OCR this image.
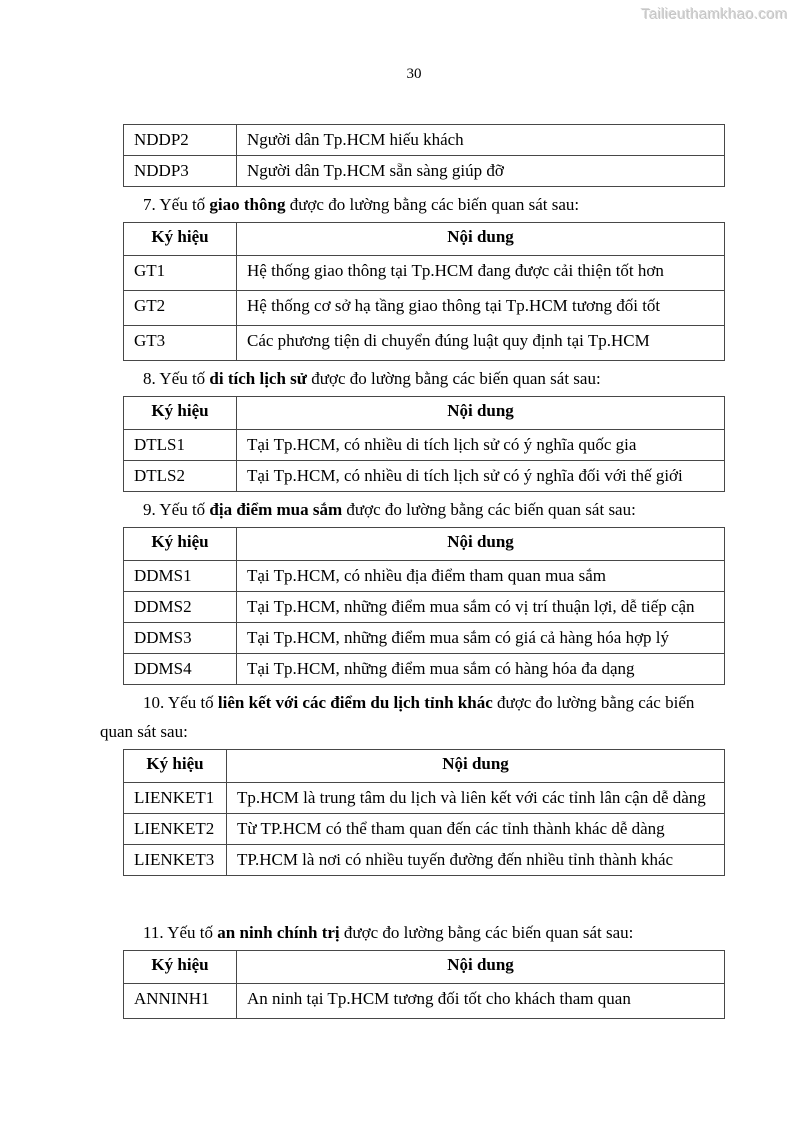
Tailieuthamkhao.com
30
NDDP2	Người dân Tp.HCM hiếu khách
NDDP3	Người dân Tp.HCM sẵn sàng giúp đỡ

7. Yếu tố giao thông được đo lường bằng các biến quan sát sau:

Ký hiệu	Nội dung
GT1	Hệ thống giao thông tại Tp.HCM đang được cải thiện tốt hơn
GT2	Hệ thống cơ sở hạ tầng giao thông tại Tp.HCM tương đối tốt
GT3	Các phương tiện di chuyển đúng luật quy định tại Tp.HCM

8. Yếu tố di tích lịch sử được đo lường bằng các biến quan sát sau:

Ký hiệu	Nội dung
DTLS1	Tại Tp.HCM, có nhiều di tích lịch sử có ý nghĩa quốc gia
DTLS2	Tại Tp.HCM, có nhiều di tích lịch sử có ý nghĩa đối với thế giới

9. Yếu tố địa điểm mua sắm được đo lường bằng các biến quan sát sau:

Ký hiệu	Nội dung
DDMS1	Tại Tp.HCM, có nhiều địa điểm tham quan mua sắm
DDMS2	Tại Tp.HCM, những điểm mua sắm có vị trí thuận lợi, dễ tiếp cận
DDMS3	Tại Tp.HCM, những điểm mua sắm có giá cả hàng hóa hợp lý
DDMS4	Tại Tp.HCM, những điểm mua sắm có hàng hóa đa dạng

10. Yếu tố liên kết với các điểm du lịch tỉnh khác được đo lường bằng các biến quan sát sau:

Ký hiệu	Nội dung
LIENKET1	Tp.HCM là trung tâm du lịch và liên kết với các tỉnh lân cận dễ dàng
LIENKET2	Từ TP.HCM có thể tham quan đến các tỉnh thành khác dễ dàng
LIENKET3	TP.HCM là nơi có nhiều tuyến đường đến nhiều tỉnh thành khác

11. Yếu tố an ninh chính trị được đo lường bằng các biến quan sát sau:

Ký hiệu	Nội dung
ANNINH1	An ninh tại Tp.HCM tương đối tốt cho khách tham quan
